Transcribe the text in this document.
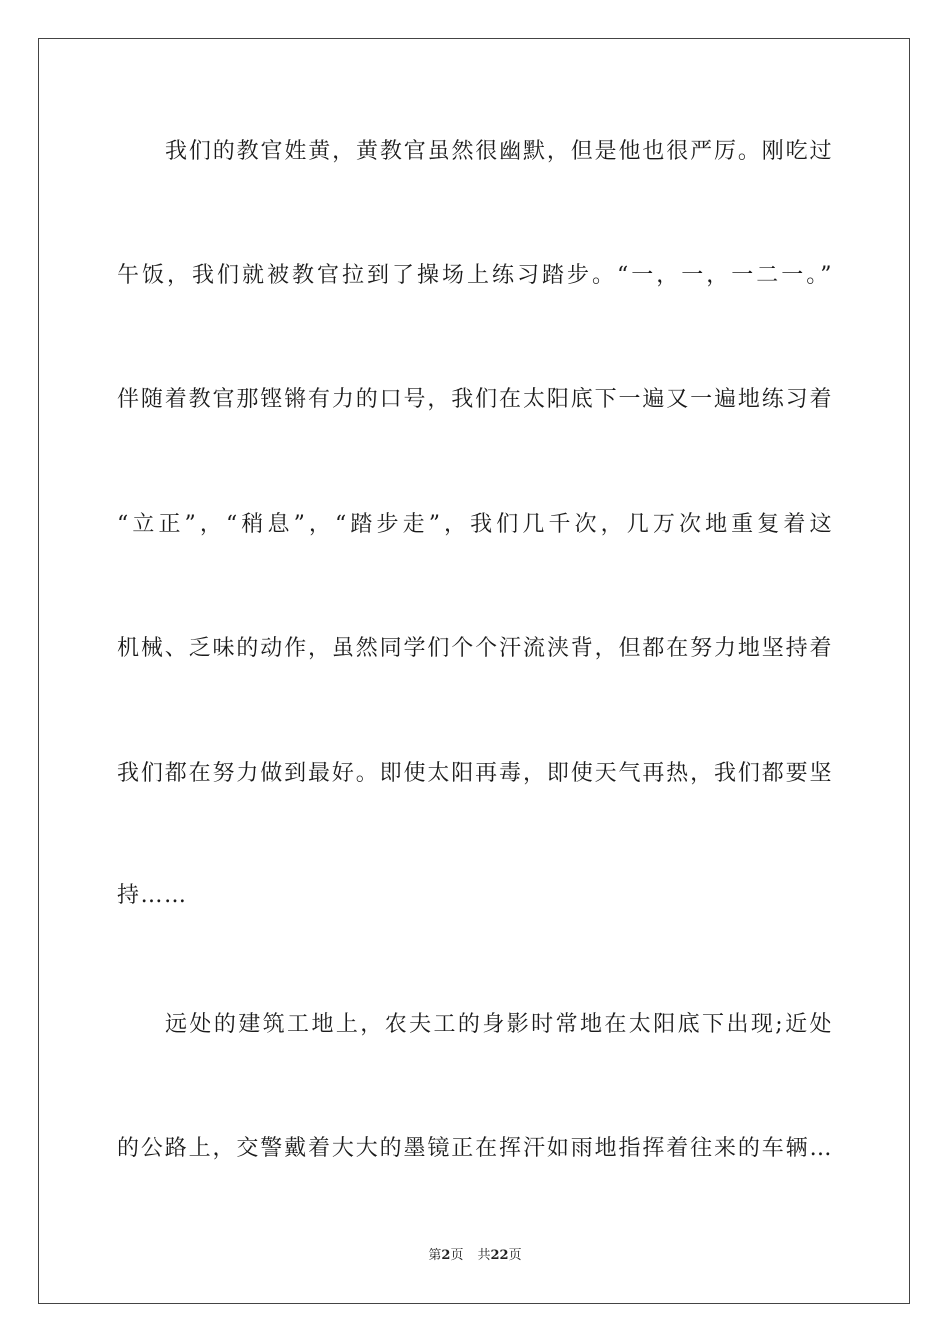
我们的教官姓黄，黄教官虽然很幽默，但是他也很严厉。刚吃过
午饭，我们就被教官拉到了操场上练习踏步。“一，一，一二一。”
伴随着教官那铿锵有力的口号，我们在太阳底下一遍又一遍地练习着
“立正”，“稍息”，“踏步走”，我们几千次，几万次地重复着这
机械、乏味的动作，虽然同学们个个汗流浃背，但都在努力地坚持着
我们都在努力做到最好。即使太阳再毒，即使天气再热，我们都要坚
持……
远处的建筑工地上，农夫工的身影时常地在太阳底下出现;近处
的公路上，交警戴着大大的墨镜正在挥汗如雨地指挥着往来的车辆…
第2页 共22页
